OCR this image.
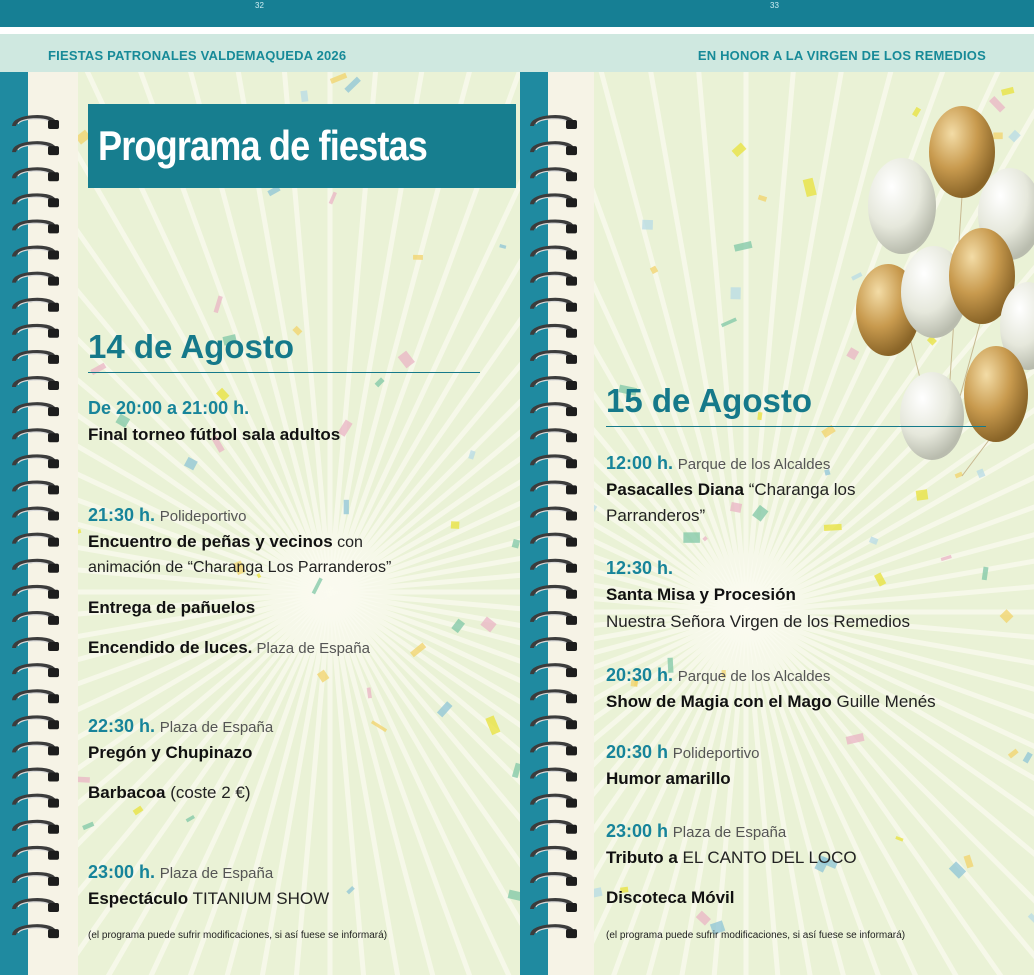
32	33
FIESTAS PATRONALES VALDEMAQUEDA 2026	EN HONOR A LA VIRGEN DE LOS REMEDIOS
Programa de fiestas
14 de Agosto
De 20:00 a 21:00 h.
Final torneo fútbol sala adultos
21:30 h. Polideportivo
Encuentro de peñas y vecinos con
animación de “Charanga Los Parranderos”
Entrega de pañuelos
Encendido de luces. Plaza de España
22:30 h. Plaza de España
Pregón y Chupinazo
Barbacoa (coste 2 €)
23:00 h. Plaza de España
Espectáculo TITANIUM SHOW
(el programa puede sufrir modificaciones, si así fuese se informará)
15 de Agosto
12:00 h. Parque de los Alcaldes
Pasacalles Diana “Charanga los
Parranderos”
12:30 h.
Santa Misa y Procesión
Nuestra Señora Virgen de los Remedios
20:30 h. Parque de los Alcaldes
Show de Magia con el Mago Guille Menés
20:30 h Polideportivo
Humor amarillo
23:00 h Plaza de España
Tributo a EL CANTO DEL LOCO
Discoteca Móvil
(el programa puede sufrir modificaciones, si así fuese se informará)
